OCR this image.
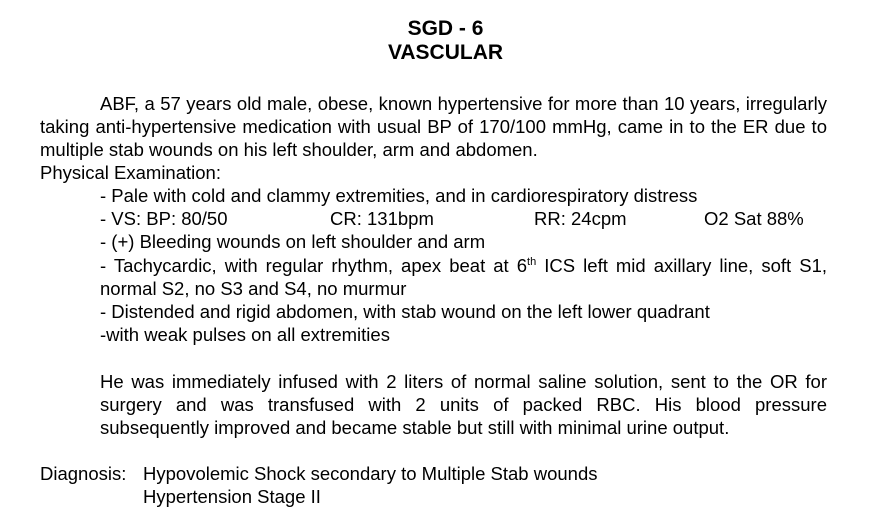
SGD - 6
VASCULAR

ABF, a 57 years old male, obese, known hypertensive for more than 10 years, irregularly taking anti-hypertensive medication with usual BP of 170/100 mmHg, came in to the ER due to multiple stab wounds on his left shoulder, arm and abdomen.

Physical Examination:
- Pale with cold and clammy extremities, and in cardiorespiratory distress
- VS: BP: 80/50	CR: 131bpm	RR: 24cpm	O2 Sat 88%
- (+) Bleeding wounds on left shoulder and arm

- Tachycardic, with regular rhythm, apex beat at 6th ICS left mid axillary line, soft S1, normal S2, no S3 and S4, no murmur

- Distended and rigid abdomen, with stab wound on the left lower quadrant
-with weak pulses on all extremities

He was immediately infused with 2 liters of normal saline solution, sent to the OR for surgery and was transfused with 2 units of packed RBC. His blood pressure subsequently improved and became stable but still with minimal urine output.

Diagnosis: Hypovolemic Shock secondary to Multiple Stab wounds
Hypertension Stage II
